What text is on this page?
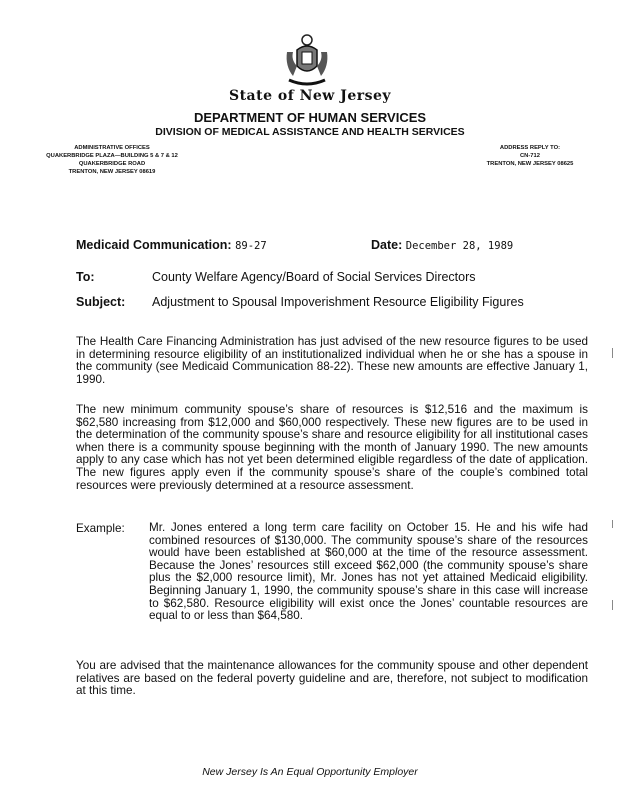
State of New Jersey
DEPARTMENT OF HUMAN SERVICES
DIVISION OF MEDICAL ASSISTANCE AND HEALTH SERVICES
ADMINISTRATIVE OFFICES
QUAKERBRIDGE PLAZA—BUILDING 5 & 7 & 12
QUAKERBRIDGE ROAD
TRENTON, NEW JERSEY 08619
ADDRESS REPLY TO:
CN-712
TRENTON, NEW JERSEY 08625
Medicaid Communication: 89-27	Date: December 28, 1989
To:	County Welfare Agency/Board of Social Services Directors
Subject: Adjustment to Spousal Impoverishment Resource Eligibility Figures

The Health Care Financing Administration has just advised of the new resource figures to be used in determining resource eligibility of an institutionalized individual when he or she has a spouse in the community (see Medicaid Communication 88-22). These new amounts are effective January 1, 1990.

The new minimum community spouse’s share of resources is $12,516 and the maximum is $62,580 increasing from $12,000 and $60,000 respectively. These new figures are to be used in the determination of the community spouse’s share and resource eligibility for all institutional cases when there is a community spouse beginning with the month of January 1990. The new amounts apply to any case which has not yet been determined eligible regardless of the date of application. The new figures apply even if the community spouse’s share of the couple’s combined total resources were previously determined at a resource assessment.

Example: Mr. Jones entered a long term care facility on October 15. He and his wife had combined resources of $130,000. The community spouse’s share of the resources would have been established at $60,000 at the time of the resource assessment. Because the Jones’ resources still exceed $62,000 (the community spouse’s share plus the $2,000 resource limit), Mr. Jones has not yet attained Medicaid eligibility. Beginning January 1, 1990, the community spouse’s share in this case will increase to $62,580. Resource eligibility will exist once the Jones’ countable resources are equal to or less than $64,580.

You are advised that the maintenance allowances for the community spouse and other dependent relatives are based on the federal poverty guideline and are, therefore, not subject to modification at this time.

New Jersey Is An Equal Opportunity Employer
